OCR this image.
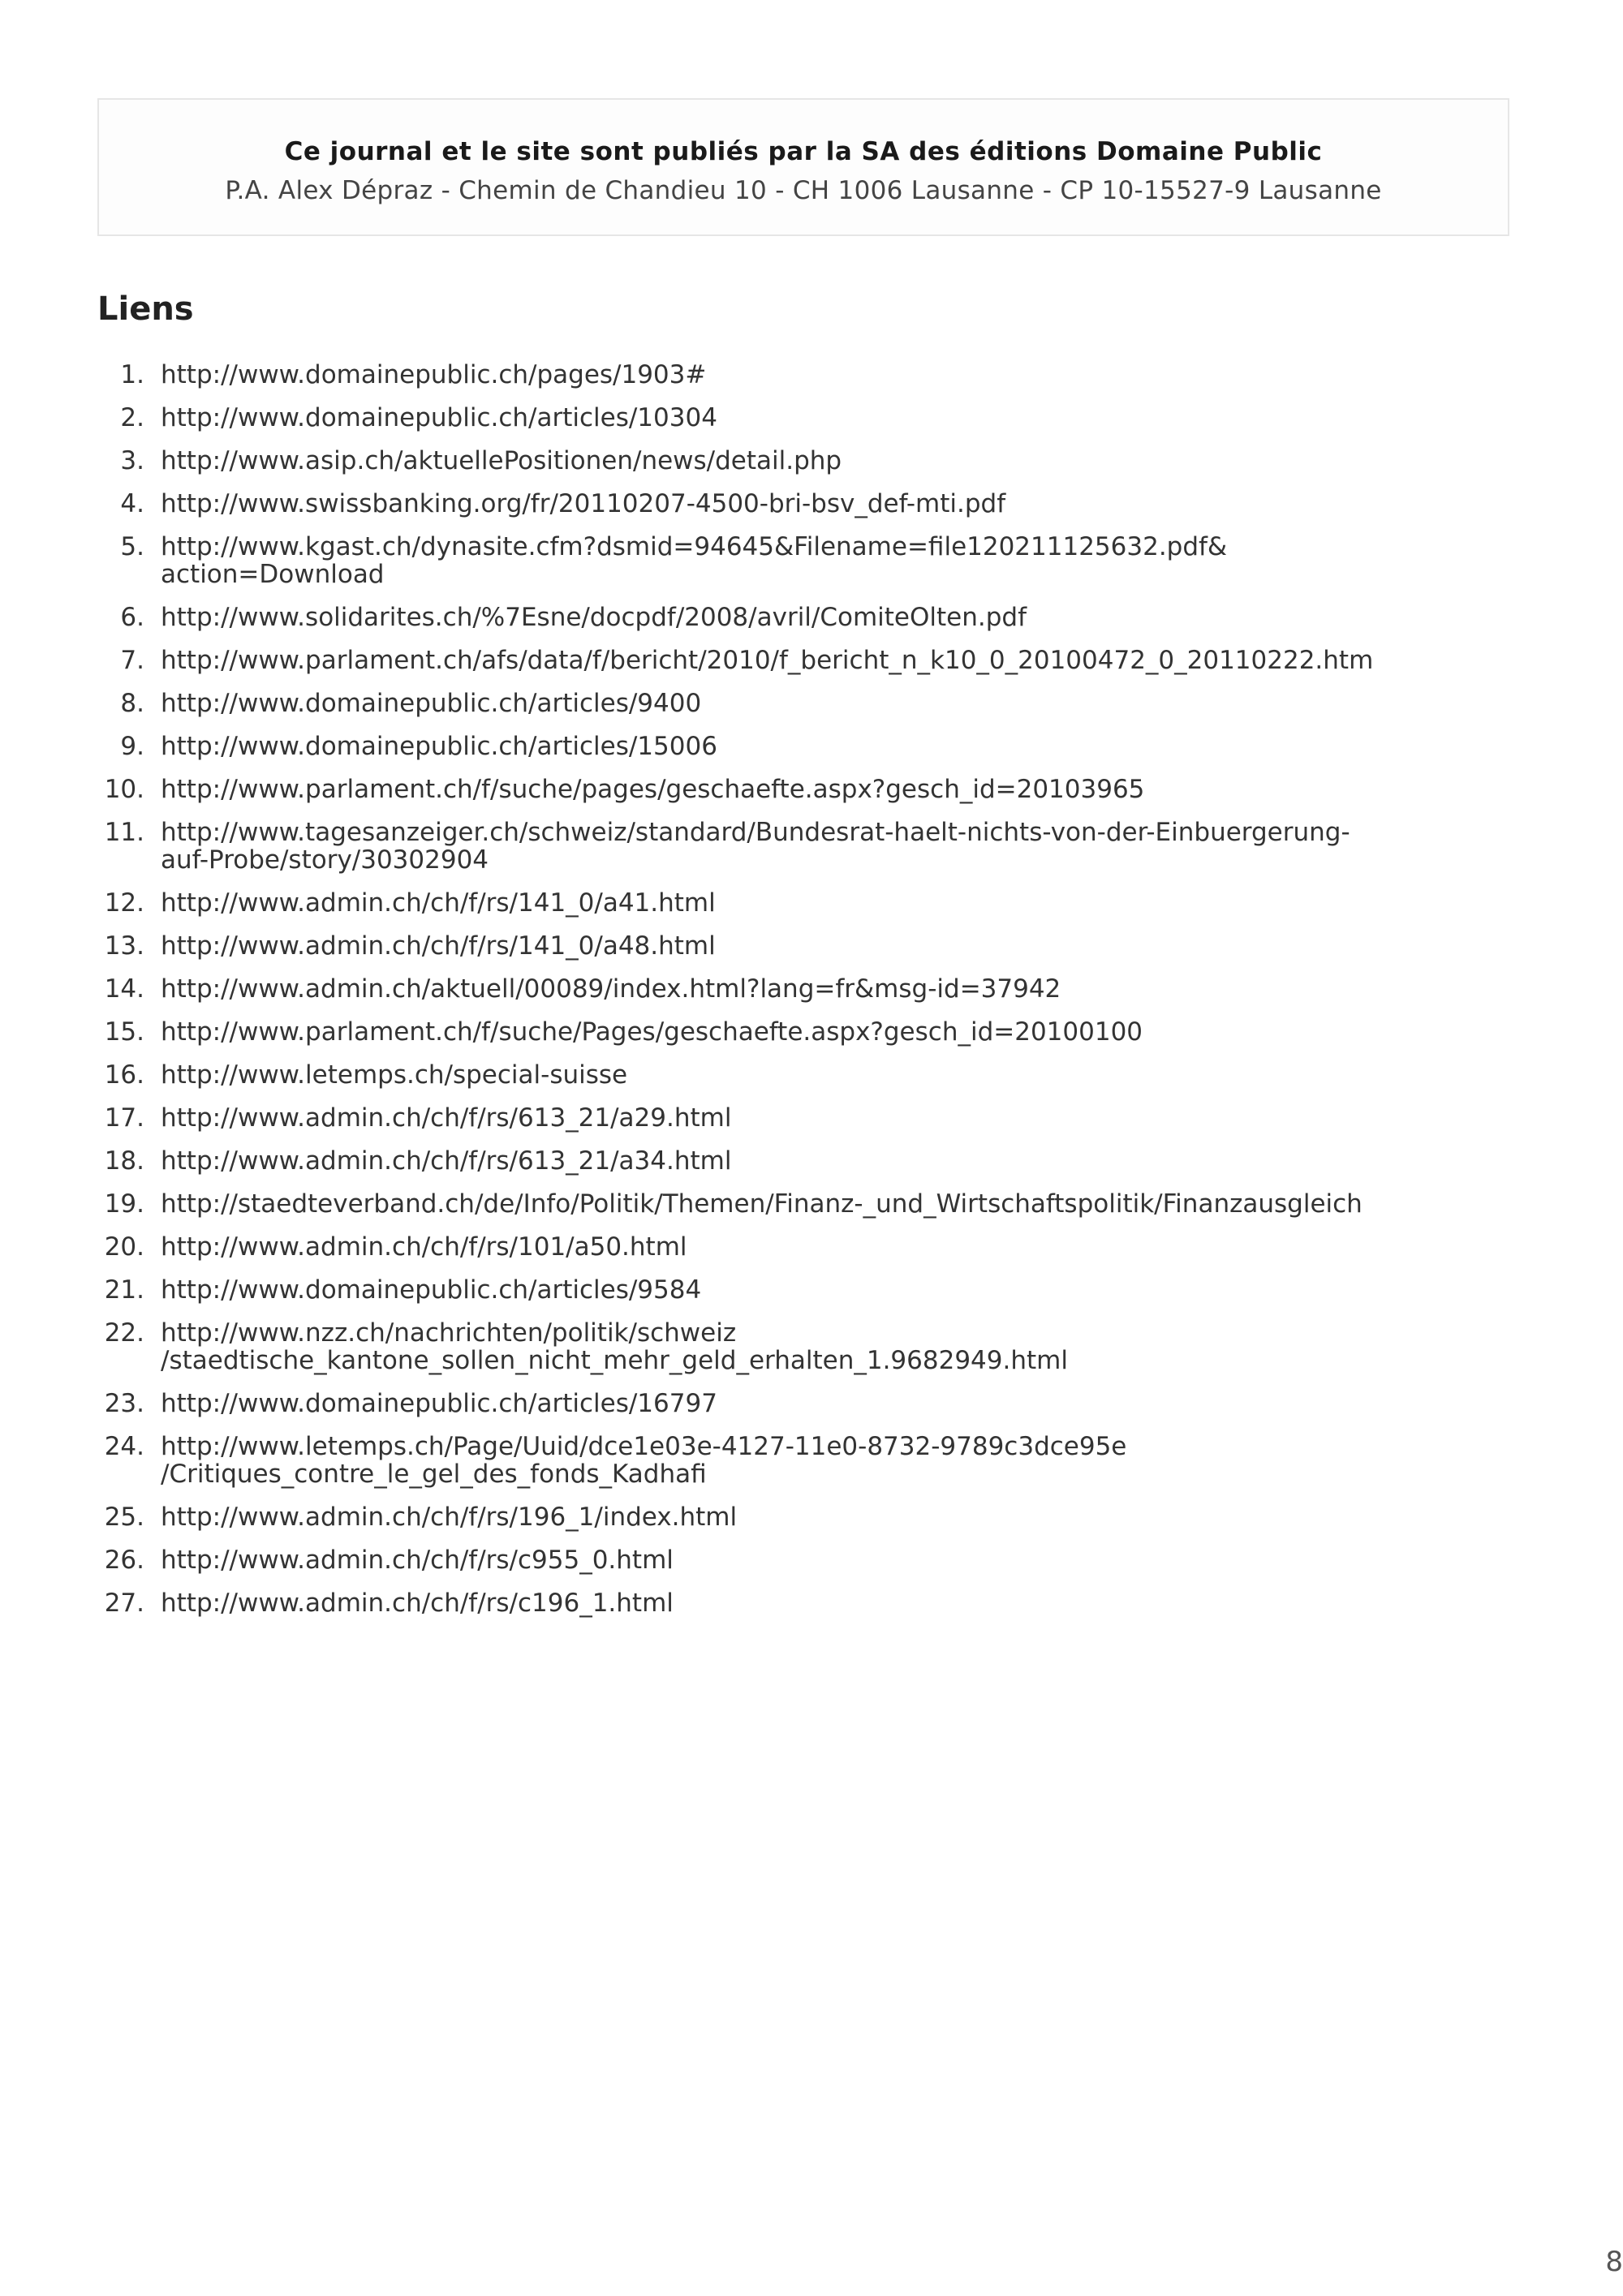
Ce journal et le site sont publiés par la SA des éditions Domaine Public
P.A. Alex Dépraz - Chemin de Chandieu 10 - CH 1006 Lausanne - CP 10-15527-9 Lausanne
Liens
1. http://www.domainepublic.ch/pages/1903#
2. http://www.domainepublic.ch/articles/10304
3. http://www.asip.ch/aktuellePositionen/news/detail.php
4. http://www.swissbanking.org/fr/20110207-4500-bri-bsv_def-mti.pdf
5. http://www.kgast.ch/dynasite.cfm?dsmid=94645&Filename=file120211125632.pdf&
action=Download
6. http://www.solidarites.ch/%7Esne/docpdf/2008/avril/ComiteOlten.pdf
7. http://www.parlament.ch/afs/data/f/bericht/2010/f_bericht_n_k10_0_20100472_0_20110222.htm
8. http://www.domainepublic.ch/articles/9400
9. http://www.domainepublic.ch/articles/15006
10. http://www.parlament.ch/f/suche/pages/geschaefte.aspx?gesch_id=20103965
11. http://www.tagesanzeiger.ch/schweiz/standard/Bundesrat-haelt-nichts-von-der-Einbuergerung-
auf-Probe/story/30302904
12. http://www.admin.ch/ch/f/rs/141_0/a41.html
13. http://www.admin.ch/ch/f/rs/141_0/a48.html
14. http://www.admin.ch/aktuell/00089/index.html?lang=fr&msg-id=37942
15. http://www.parlament.ch/f/suche/Pages/geschaefte.aspx?gesch_id=20100100
16. http://www.letemps.ch/special-suisse
17. http://www.admin.ch/ch/f/rs/613_21/a29.html
18. http://www.admin.ch/ch/f/rs/613_21/a34.html
19. http://staedteverband.ch/de/Info/Politik/Themen/Finanz-_und_Wirtschaftspolitik/Finanzausgleich
20. http://www.admin.ch/ch/f/rs/101/a50.html
21. http://www.domainepublic.ch/articles/9584
22. http://www.nzz.ch/nachrichten/politik/schweiz
/staedtische_kantone_sollen_nicht_mehr_geld_erhalten_1.9682949.html
23. http://www.domainepublic.ch/articles/16797
24. http://www.letemps.ch/Page/Uuid/dce1e03e-4127-11e0-8732-9789c3dce95e
/Critiques_contre_le_gel_des_fonds_Kadhafi
25. http://www.admin.ch/ch/f/rs/196_1/index.html
26. http://www.admin.ch/ch/f/rs/c955_0.html
27. http://www.admin.ch/ch/f/rs/c196_1.html
8
